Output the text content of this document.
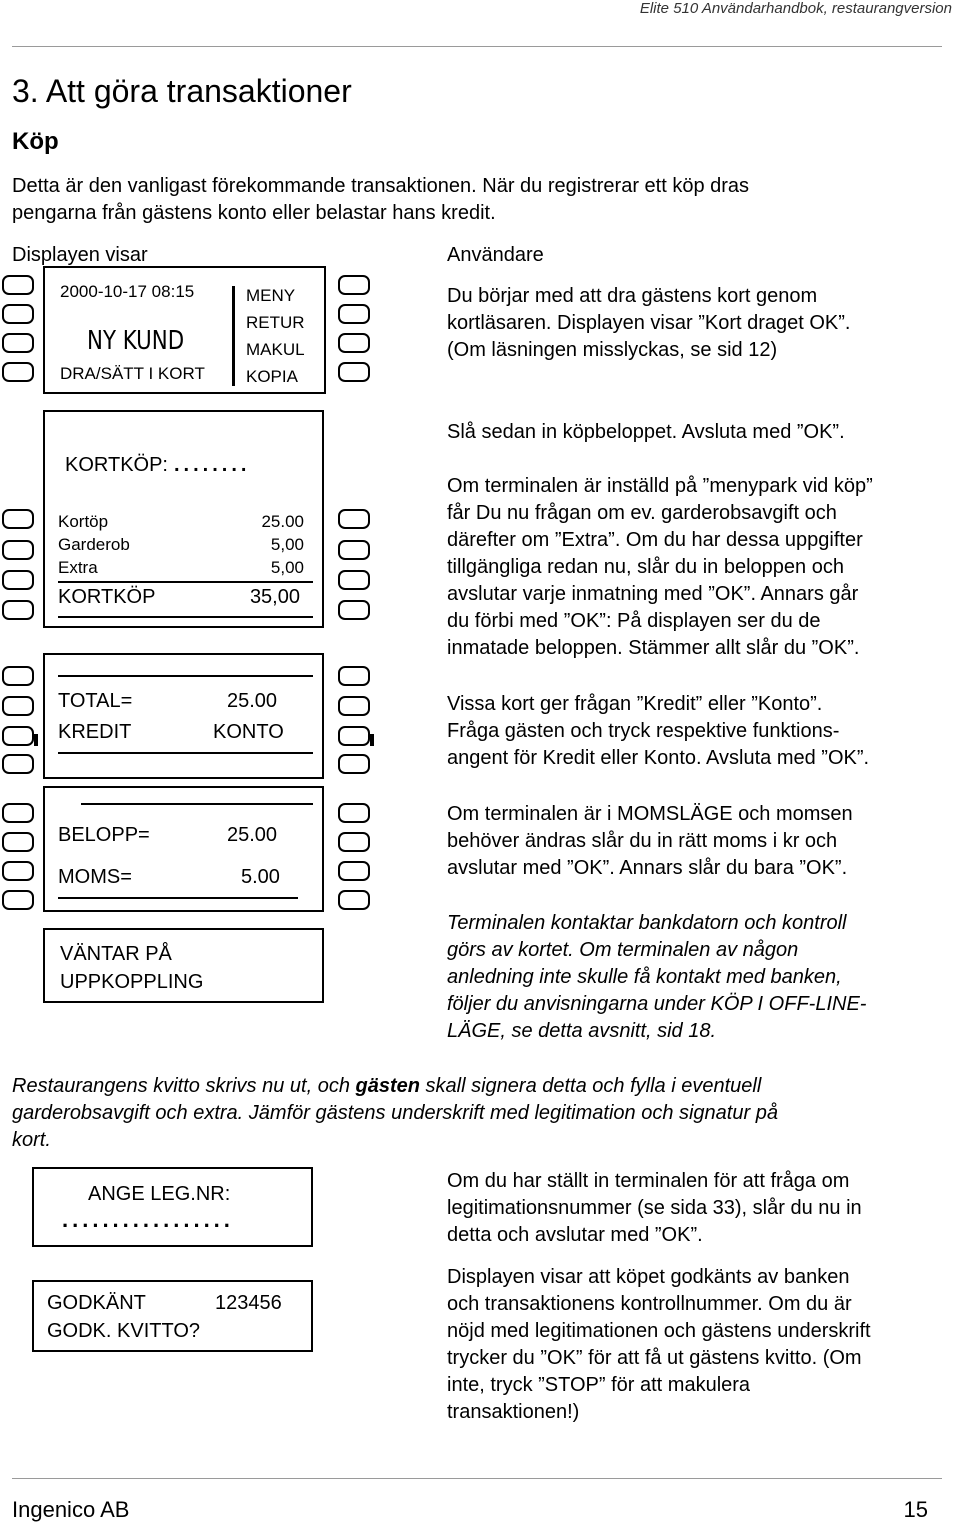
Elite 510 Användarhandbok, restaurangversion
3. Att göra transaktioner
Köp
Detta är den vanligast förekommande transaktionen. När du registrerar ett köp dras
pengarna från gästens konto eller belastar hans kredit.
Displayen visar	Användare
2000-10-17 08:15
NY KUND
DRA/SÄTT I KORT
MENY
RETUR
MAKUL
KOPIA
Du börjar med att dra gästens kort genom
kortläsaren. Displayen visar ”Kort draget OK”.
(Om läsningen misslyckas, se sid 12)
KORTKÖP: ........
Kortöp	25.00
Garderob	5,00
Extra	5,00
KORTKÖP	35,00
Slå sedan in köpbeloppet. Avsluta med ”OK”.
Om terminalen är inställd på ”menypark vid köp”
får Du nu frågan om ev. garderobsavgift och
därefter om ”Extra”. Om du har dessa uppgifter
tillgängliga redan nu, slår du in beloppen och
avslutar varje inmatning med ”OK”. Annars går
du förbi med ”OK”: På displayen ser du de
inmatade beloppen. Stämmer allt slår du ”OK”.
TOTAL=	25.00
KREDIT	KONTO
Vissa kort ger frågan ”Kredit” eller ”Konto”.
Fråga gästen och tryck respektive funktions-
angent för Kredit eller Konto. Avsluta med ”OK”.
BELOPP=	25.00
MOMS=	5.00
Om terminalen är i MOMSLÄGE och momsen
behöver ändras slår du in rätt moms i kr och
avslutar med ”OK”. Annars slår du bara ”OK”.
VÄNTAR PÅ
UPPKOPPLING
Terminalen kontaktar bankdatorn och kontroll
görs av kortet. Om terminalen av någon
anledning inte skulle få kontakt med banken,
följer du anvisningarna under KÖP I OFF-LINE-
LÄGE, se detta avsnitt, sid 18.
Restaurangens kvitto skrivs nu ut, och gästen skall signera detta och fylla i eventuell
garderobsavgift och extra. Jämför gästens underskrift med legitimation och signatur på
kort.
ANGE LEG.NR:
.................
Om du har ställt in terminalen för att fråga om
legitimationsnummer (se sida 33), slår du nu in
detta och avslutar med ”OK”.
GODKÄNT	123456
GODK. KVITTO?
Displayen visar att köpet godkänts av banken
och transaktionens kontrollnummer. Om du är
nöjd med legitimationen och gästens underskrift
trycker du ”OK” för att få ut gästens kvitto. (Om
inte, tryck ”STOP” för att makulera
transaktionen!)
Ingenico AB	15
